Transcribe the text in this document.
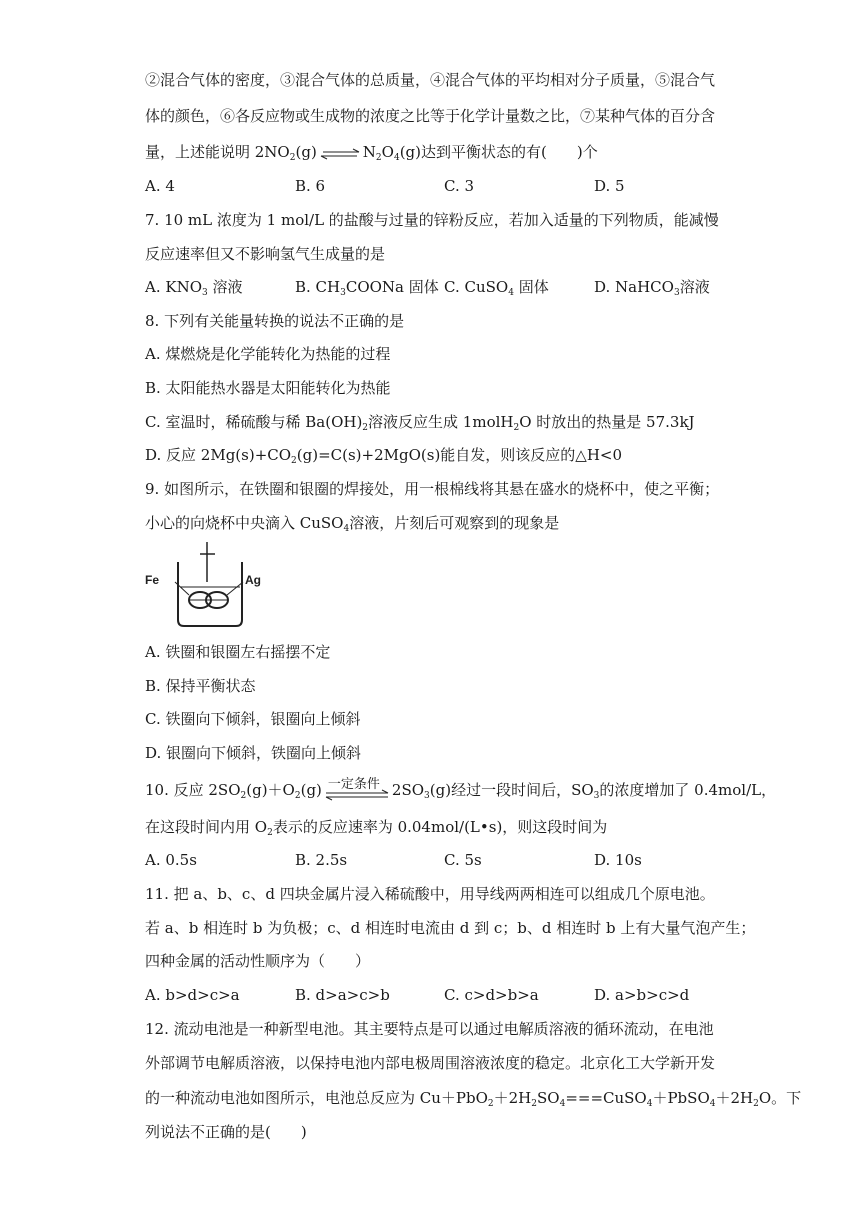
②混合气体的密度，③混合气体的总质量，④混合气体的平均相对分子质量，⑤混合气
体的颜色，⑥各反应物或生成物的浓度之比等于化学计量数之比，⑦某种气体的百分含
量，上述能说明 $2NO_2(g)\rightleftharpoons N_2O_4(g)$达到平衡状态的有(　　)个
A. 4	B. 6	C. 3	D. 5
7. 10 mL 浓度为 1 mol/L 的盐酸与过量的锌粉反应，若加入适量的下列物质，能减慢
反应速率但又不影响氢气生成量的是
A. $KNO_3$ 溶液	B. $CH_3COONa$ 固体 C. CuSO$_4$ 固体	D. NaHCO$_3$溶液
8. 下列有关能量转换的说法不正确的是
A. 煤燃烧是化学能转化为热能的过程
B. 太阳能热水器是太阳能转化为热能
C. 室温时，稀硫酸与稀 $Ba(OH)_2$溶液反应生成 1molH$_2$O 时放出的热量是 57.3kJ
D. 反应 $2Mg(s)+CO_2(g)=C(s)+2MgO(s)$能自发，则该反应的△H<0
9. 如图所示，在铁圈和银圈的焊接处，用一根棉线将其悬在盛水的烧杯中，使之平衡；
小心的向烧杯中央滴入 CuSO$_4$溶液，片刻后可观察到的现象是
Fe	Ag
A. 铁圈和银圈左右摇摆不定
B. 保持平衡状态
C. 铁圈向下倾斜，银圈向上倾斜
D. 银圈向下倾斜，铁圈向上倾斜
10. 反应 $2SO_2(g)+O_2(g)$ 一定条件 $2SO_3(g)$经过一段时间后，$SO_3$的浓度增加了 0.4mol/L，
在这段时间内用 $O_2$表示的反应速率为 0.04mol/(L•s)，则这段时间为
A. 0.5s	B. 2.5s	C. 5s	D. 10s
11. 把 a、b、c、d 四块金属片浸入稀硫酸中，用导线两两相连可以组成几个原电池。
若 a、b 相连时 b 为负极；c、d 相连时电流由 d 到 c；b、d 相连时 b 上有大量气泡产生；
四种金属的活动性顺序为（　　）
A. b>d>c>a	B. d>a>c>b	C. c>d>b>a	D. a>b>c>d
12. 流动电池是一种新型电池。其主要特点是可以通过电解质溶液的循环流动，在电池
外部调节电解质溶液，以保持电池内部电极周围溶液浓度的稳定。北京化工大学新开发
的一种流动电池如图所示，电池总反应为 $Cu+PbO_2+2H_2SO_4===CuSO_4+PbSO_4+2H_2O$。下
列说法不正确的是(　　)
